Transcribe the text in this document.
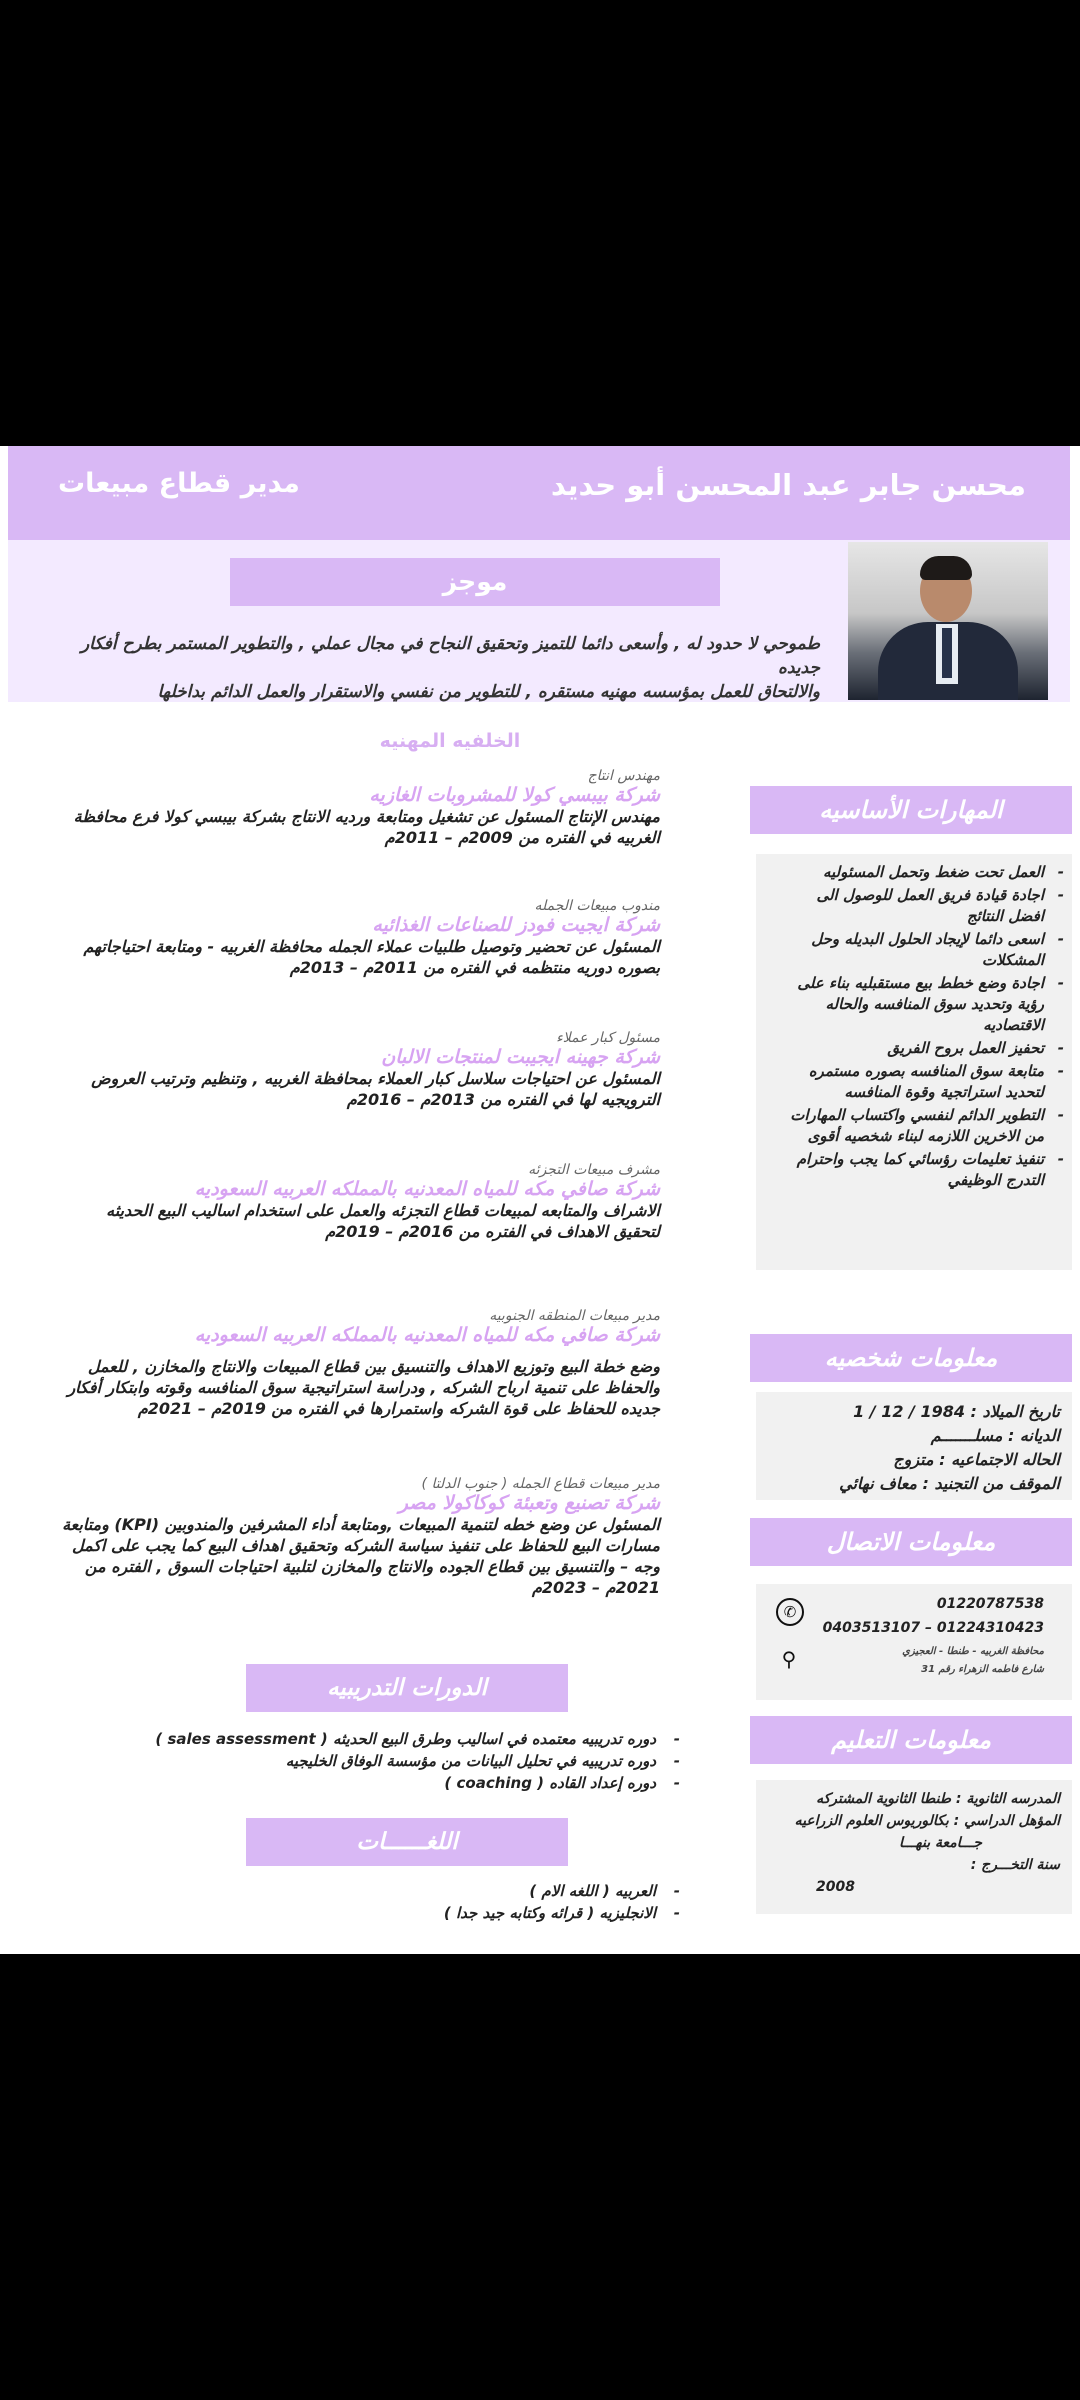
محسن جابر عبد المحسن أبو حديد
مدير قطاع مبيعات
موجز
طموحي لا حدود له , وأسعى دائما للتميز وتحقيق النجاح في مجال عملي , والتطوير المستمر بطرح أفكار جديده
والالتحاق للعمل بمؤسسه مهنيه مستقره , للتطوير من نفسي والاستقرار والعمل الدائم بداخلها
الخلفيه المهنيه
مهندس انتاج
شركة بيبسي كولا للمشروبات الغازيه
مهندس الإنتاج المسئول عن تشغيل ومتابعة ورديه الانتاج بشركة بيبسي كولا فرع محافظة الغربيه في الفتره من 2009م – 2011م
مندوب مبيعات الجمله
شركة ايجيت فودز للصناعات الغذائيه
المسئول عن تحضير وتوصيل طلبيات عملاء الجمله محافظة الغربيه - ومتابعة احتياجاتهم بصوره دوريه منتظمه في الفتره من 2011م – 2013م
مسئول كبار عملاء
شركة جهينه ايجيبت لمنتجات الالبان
المسئول عن احتياجات سلاسل كبار العملاء بمحافظة الغربيه , وتنظيم وترتيب العروض الترويجيه لها في الفتره من 2013م – 2016م
مشرف مبيعات التجزئه
شركة صافي مكه للمياه المعدنيه بالمملكه العربيه السعوديه
الاشراف والمتابعه لمبيعات قطاع التجزئه والعمل على استخدام اساليب البيع الحديثه لتحقيق الاهداف في الفتره من 2016م – 2019م
مدير مبيعات المنطقه الجنوبيه
شركة صافي مكه للمياه المعدنيه بالمملكه العربيه السعوديه
وضع خطة البيع وتوزيع الاهداف والتنسيق بين قطاع المبيعات والانتاج والمخازن , للعمل والحفاظ على تنمية ارباح الشركه , ودراسة استراتيجية سوق المنافسه وقوته وابتكار أفكار جديده للحفاظ على قوة الشركه واستمرارها في الفتره من 2019م – 2021م
مدير مبيعات قطاع الجمله ( جنوب الدلتا )
شركة تصنيع وتعبئة كوكاكولا مصر
المسئول عن وضع خطه لتنمية المبيعات ,ومتابعة أداء المشرفين والمندوبين (KPI) ومتابعة مسارات البيع للحفاظ على تنفيذ سياسة الشركه وتحقيق اهداف البيع كما يجب على اكمل وجه – والتنسيق بين قطاع الجوده والانتاج والمخازن لتلبية احتياجات السوق , الفتره من 2021م – 2023م
الدورات التدريبيه
- دوره تدريبيه معتمده في اساليب وطرق البيع الحديثه ( sales assessment )
- دوره تدريبيه في تحليل البيانات من مؤسسة الوفاق الخليجيه
- دوره إعداد القاده ( coaching )
اللغــــــات
- العربيه ( اللغه الام )
- الانجليزيه ( قرائه وكتابه جيد جدا )
المهارات الأساسيه
- العمل تحت ضغط وتحمل المسئوليه
- اجادة قيادة فريق العمل للوصول الى افضل النتائج
- اسعى دائما لإيجاد الحلول البديله وحل المشكلات
- اجادة وضع خطط بيع مستقبليه بناء على رؤية وتحديد سوق المنافسه والحاله الاقتصاديه
- تحفيز العمل بروح الفريق
- متابعة سوق المنافسه بصوره مستمره لتحديد استراتجية وقوة المنافسه
- التطوير الدائم لنفسي واكتساب المهارات من الاخرين اللازمه لبناء شخصيه أقوى
- تنفيذ تعليمات رؤسائي كما يجب واحترام التدرج الوظيفي
معلومات شخصيه
تاريخ الميلاد : 1984 / 12 / 1
الديانه : مسلـــــــم
الحاله الاجتماعيه : متزوج
الموقف من التجنيد : معاف نهائي
معلومات الاتصال
✆
⚲
01220787538
01224310423 – 0403513107
محافظة الغربيه - طنطا - العجيزي
شارع فاطمه الزهراء رقم 31
معلومات التعليم
المدرسه الثانوية : طنطا الثانوية المشتركه
المؤهل الدراسي : بكالوريوس العلوم الزراعيه
جـــامعة بنهـــا
سنة التخـــرج :
2008
